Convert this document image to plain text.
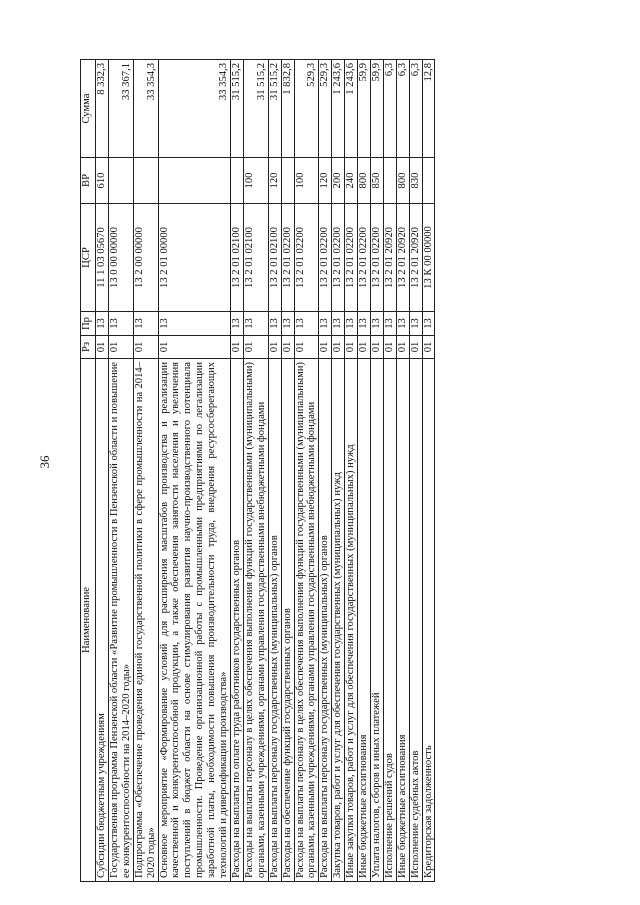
36
Наименование	Рз	Пр	ЦСР	ВР	Сумма
Субсидии бюджетным учреждениям	01	13	11 1 03 05670	610	8 332,3
Государственная программа Пензенской области «Развитие промышленности в Пензенской области и повышение ее конкурентоспособности на 2014–2020 годы»	01	13	13 0 00 00000		33 367,1
Подпрограмма «Обеспечение проведения единой государственной политики в сфере промышленности на 2014–2020 годы»	01	13	13 2 00 00000		33 354,3
Основное мероприятие «Формирование условий для расширения масштабов производства и реализации качественной и конкурентоспособной продукции, а также обеспечения занятости населения и увеличения поступлений в бюджет области на основе стимулирования развития научно-производственного потенциала промышленности. Проведение организационной работы с промышленными предприятиями по легализации заработной платы, необходимости повышения производительности труда, внедрения ресурсосберегающих технологий и диверсификации производства»	01	13	13 2 01 00000		33 354,3
Расходы на выплаты по оплате труда работников государственных органов	01	13	13 2 01 02100		31 515,2
Расходы на выплаты персоналу в целях обеспечения выполнения функций государственными (муниципальными) органами, казенными учреждениями, органами управления государственными внебюджетными фондами	01	13	13 2 01 02100	100	31 515,2
Расходы на выплаты персоналу государственных (муниципальных) органов	01	13	13 2 01 02100	120	31 515,2
Расходы на обеспечение функций государственных органов	01	13	13 2 01 02200		1 832,8
Расходы на выплаты персоналу в целях обеспечения выполнения функций государственными (муниципальными) органами, казенными учреждениями, органами управления государственными внебюджетными фондами	01	13	13 2 01 02200	100	529,3
Расходы на выплаты персоналу государственных (муниципальных) органов	01	13	13 2 01 02200	120	529,3
Закупка товаров, работ и услуг для обеспечения государственных (муниципальных) нужд	01	13	13 2 01 02200	200	1 243,6
Иные закупки товаров, работ и услуг для обеспечения государственных (муниципальных) нужд	01	13	13 2 01 02200	240	1 243,6
Иные бюджетные ассигнования	01	13	13 2 01 02200	800	59,9
Уплата налогов, сборов и иных платежей	01	13	13 2 01 02200	850	59,9
Исполнение решений судов	01	13	13 2 01 20920		6,3
Иные бюджетные ассигнования	01	13	13 2 01 20920	800	6,3
Исполнение судебных актов	01	13	13 2 01 20920	830	6,3
Кредиторская задолженность	01	13	13 К 00 00000		12,8
